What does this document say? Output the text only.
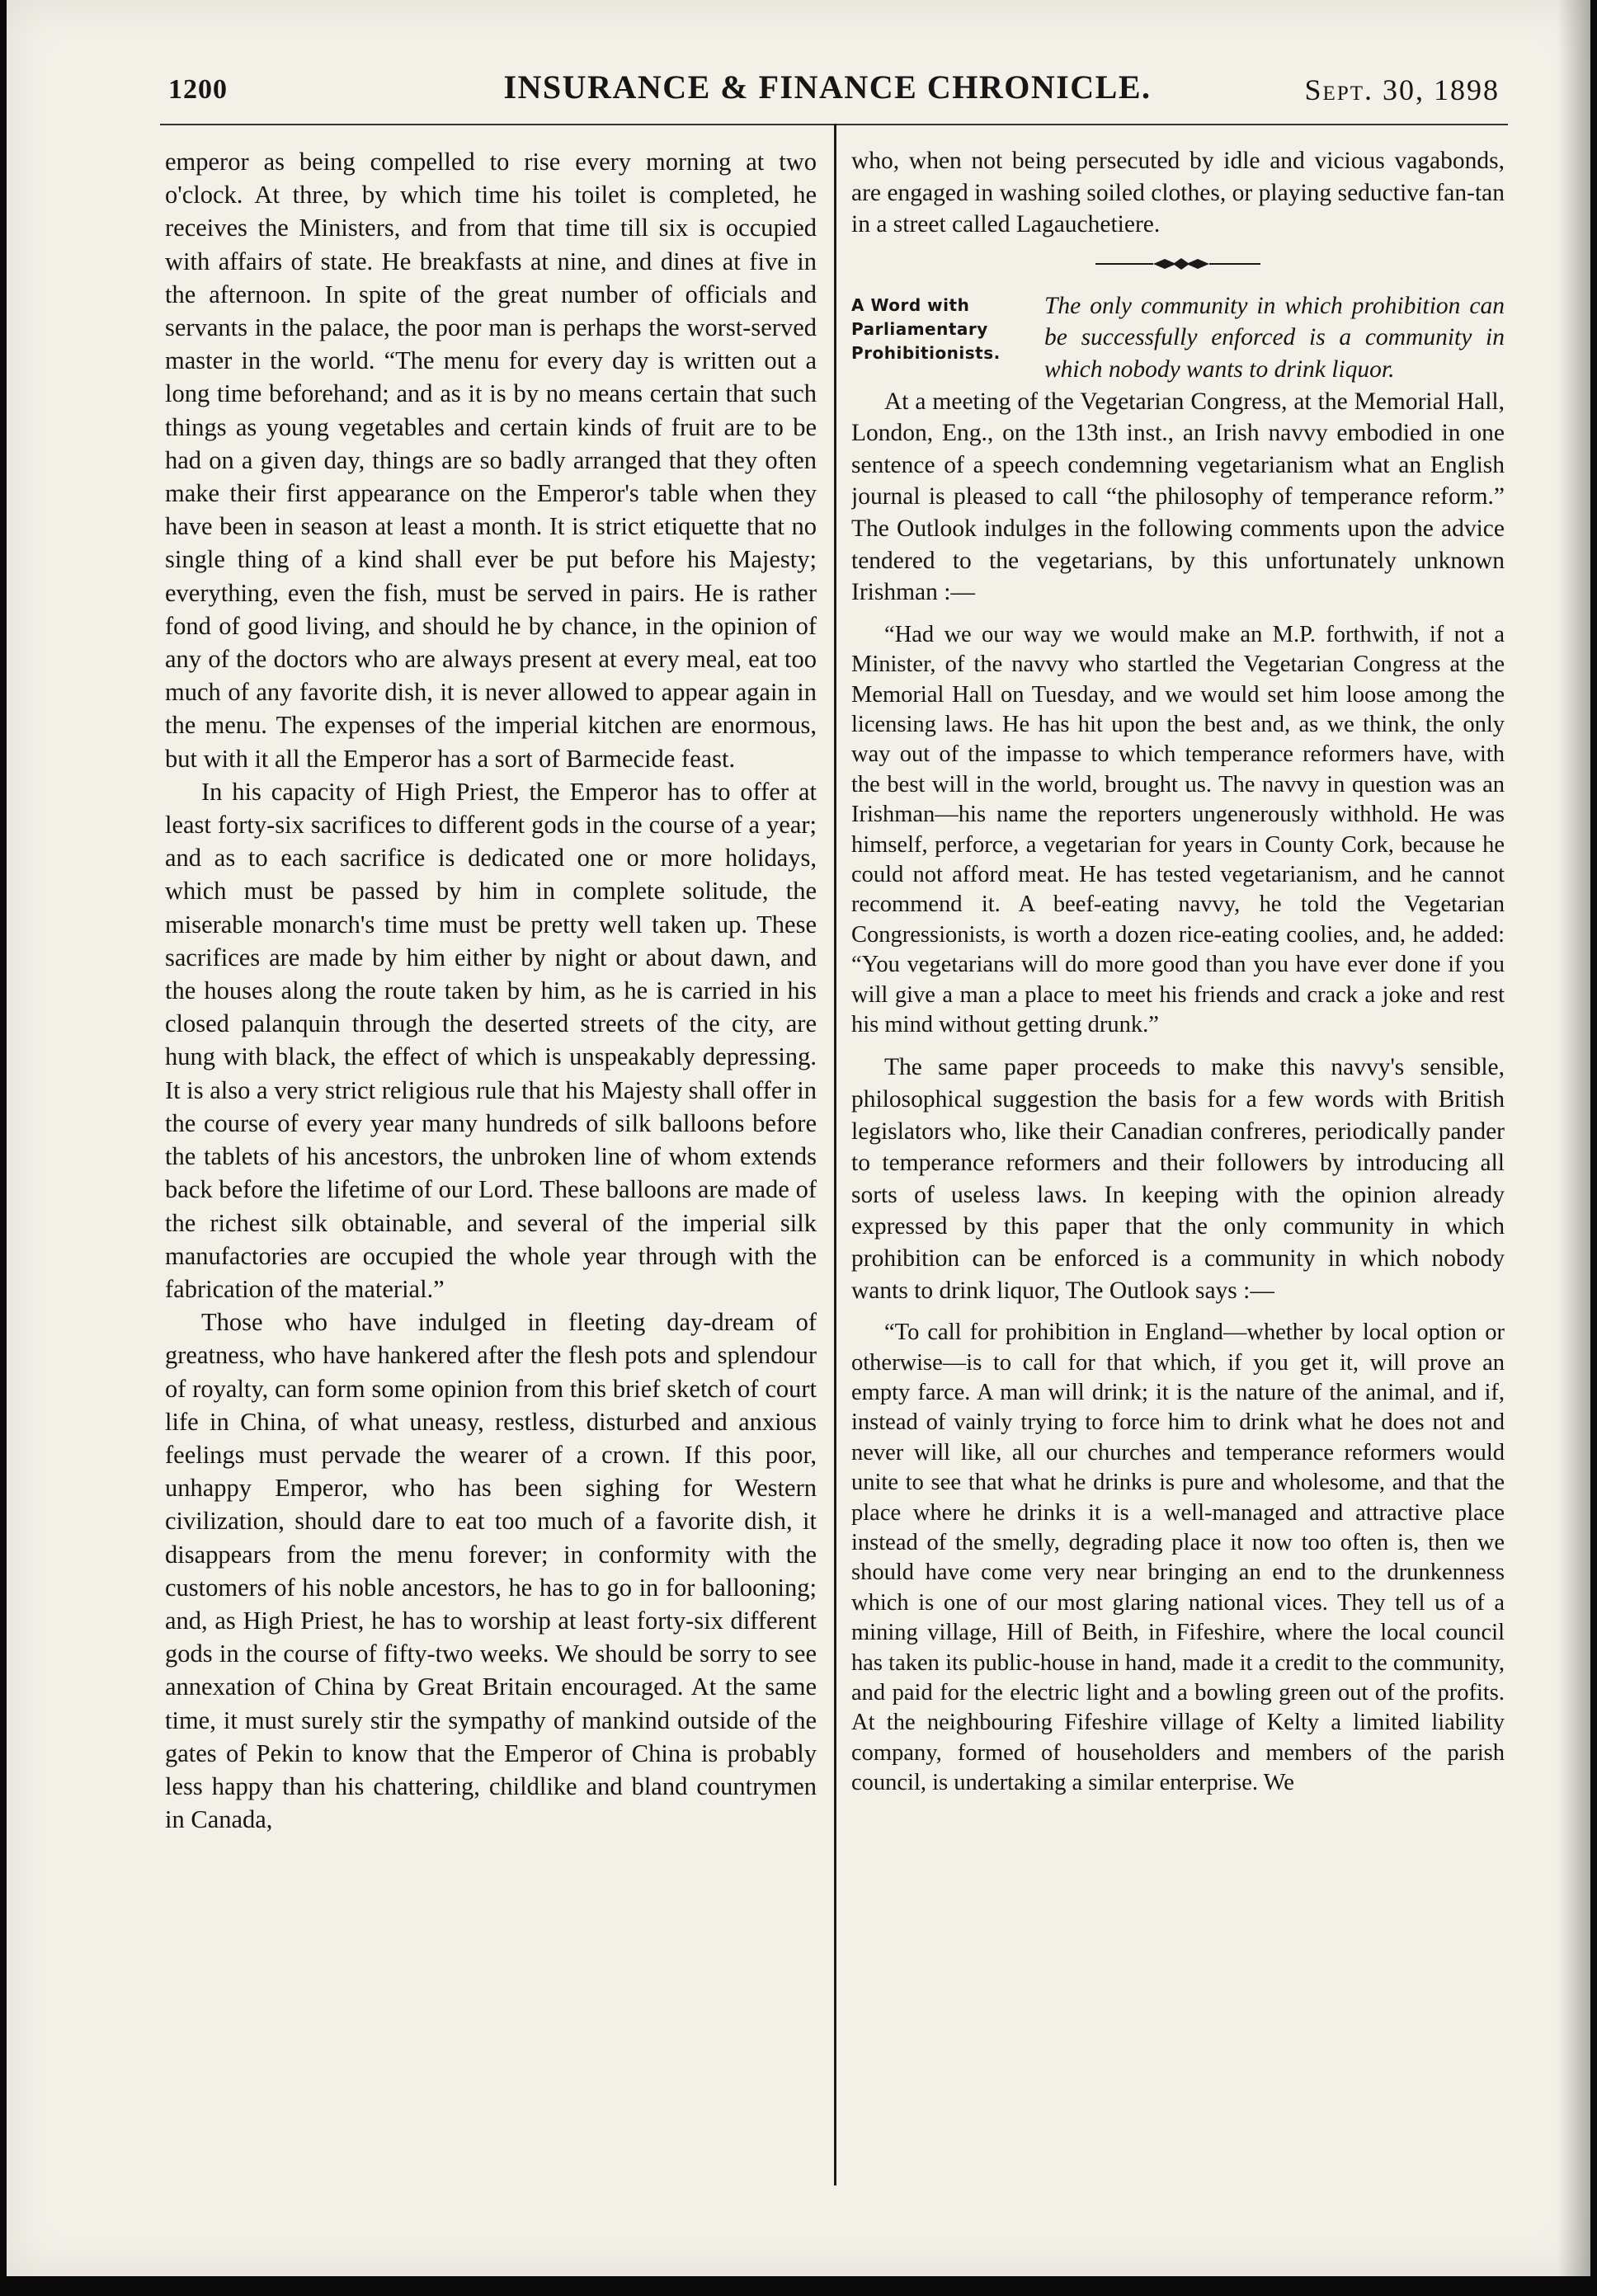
1200	INSURANCE & FINANCE CHRONICLE.	Sept. 30, 1898

emperor as being compelled to rise every morning at two o'clock. At three, by which time his toilet is completed, he receives the Ministers, and from that time till six is occupied with affairs of state. He breakfasts at nine, and dines at five in the afternoon. In spite of the great number of officials and servants in the palace, the poor man is perhaps the worst-served master in the world. “The menu for every day is written out a long time beforehand; and as it is by no means certain that such things as young vegetables and certain kinds of fruit are to be had on a given day, things are so badly arranged that they often make their first appearance on the Emperor's table when they have been in season at least a month. It is strict etiquette that no single thing of a kind shall ever be put before his Majesty; everything, even the fish, must be served in pairs. He is rather fond of good living, and should he by chance, in the opinion of any of the doctors who are always present at every meal, eat too much of any favorite dish, it is never allowed to appear again in the menu. The expenses of the imperial kitchen are enormous, but with it all the Emperor has a sort of Barmecide feast.

In his capacity of High Priest, the Emperor has to offer at least forty-six sacrifices to different gods in the course of a year; and as to each sacrifice is dedicated one or more holidays, which must be passed by him in complete solitude, the miserable monarch's time must be pretty well taken up. These sacrifices are made by him either by night or about dawn, and the houses along the route taken by him, as he is carried in his closed palanquin through the deserted streets of the city, are hung with black, the effect of which is unspeakably depressing. It is also a very strict religious rule that his Majesty shall offer in the course of every year many hundreds of silk balloons before the tablets of his ancestors, the unbroken line of whom extends back before the lifetime of our Lord. These balloons are made of the richest silk obtainable, and several of the imperial silk manufactories are occupied the whole year through with the fabrication of the material.”

Those who have indulged in fleeting day-dream of greatness, who have hankered after the flesh pots and splendour of royalty, can form some opinion from this brief sketch of court life in China, of what uneasy, restless, disturbed and anxious feelings must pervade the wearer of a crown. If this poor, unhappy Emperor, who has been sighing for Western civilization, should dare to eat too much of a favorite dish, it disappears from the menu forever; in conformity with the customers of his noble ancestors, he has to go in for ballooning; and, as High Priest, he has to worship at least forty-six different gods in the course of fifty-two weeks. We should be sorry to see annexation of China by Great Britain encouraged. At the same time, it must surely stir the sympathy of mankind outside of the gates of Pekin to know that the Emperor of China is probably less happy than his chattering, childlike and bland countrymen in Canada,

who, when not being persecuted by idle and vicious vagabonds, are engaged in washing soiled clothes, or playing seductive fan-tan in a street called Lagauchetiere.

A Word with Parliamentary Prohibitionists.

The only community in which prohibition can be successfully enforced is a community in which nobody wants to drink liquor.

At a meeting of the Vegetarian Congress, at the Memorial Hall, London, Eng., on the 13th inst., an Irish navvy embodied in one sentence of a speech condemning vegetarianism what an English journal is pleased to call “the philosophy of temperance reform.” The Outlook indulges in the following comments upon the advice tendered to the vegetarians, by this unfortunately unknown Irishman :—

“Had we our way we would make an M.P. forthwith, if not a Minister, of the navvy who startled the Vegetarian Congress at the Memorial Hall on Tuesday, and we would set him loose among the licensing laws. He has hit upon the best and, as we think, the only way out of the impasse to which temperance reformers have, with the best will in the world, brought us. The navvy in question was an Irishman—his name the reporters ungenerously withhold. He was himself, perforce, a vegetarian for years in County Cork, because he could not afford meat. He has tested vegetarianism, and he cannot recommend it. A beef-eating navvy, he told the Vegetarian Congressionists, is worth a dozen rice-eating coolies, and, he added: “You vegetarians will do more good than you have ever done if you will give a man a place to meet his friends and crack a joke and rest his mind without getting drunk.”

The same paper proceeds to make this navvy's sensible, philosophical suggestion the basis for a few words with British legislators who, like their Canadian confreres, periodically pander to temperance reformers and their followers by introducing all sorts of useless laws. In keeping with the opinion already expressed by this paper that the only community in which prohibition can be enforced is a community in which nobody wants to drink liquor, The Outlook says :—

“To call for prohibition in England—whether by local option or otherwise—is to call for that which, if you get it, will prove an empty farce. A man will drink; it is the nature of the animal, and if, instead of vainly trying to force him to drink what he does not and never will like, all our churches and temperance reformers would unite to see that what he drinks is pure and wholesome, and that the place where he drinks it is a well-managed and attractive place instead of the smelly, degrading place it now too often is, then we should have come very near bringing an end to the drunkenness which is one of our most glaring national vices. They tell us of a mining village, Hill of Beith, in Fifeshire, where the local council has taken its public-house in hand, made it a credit to the community, and paid for the electric light and a bowling green out of the profits. At the neighbouring Fifeshire village of Kelty a limited liability company, formed of householders and members of the parish council, is undertaking a similar enterprise. We
